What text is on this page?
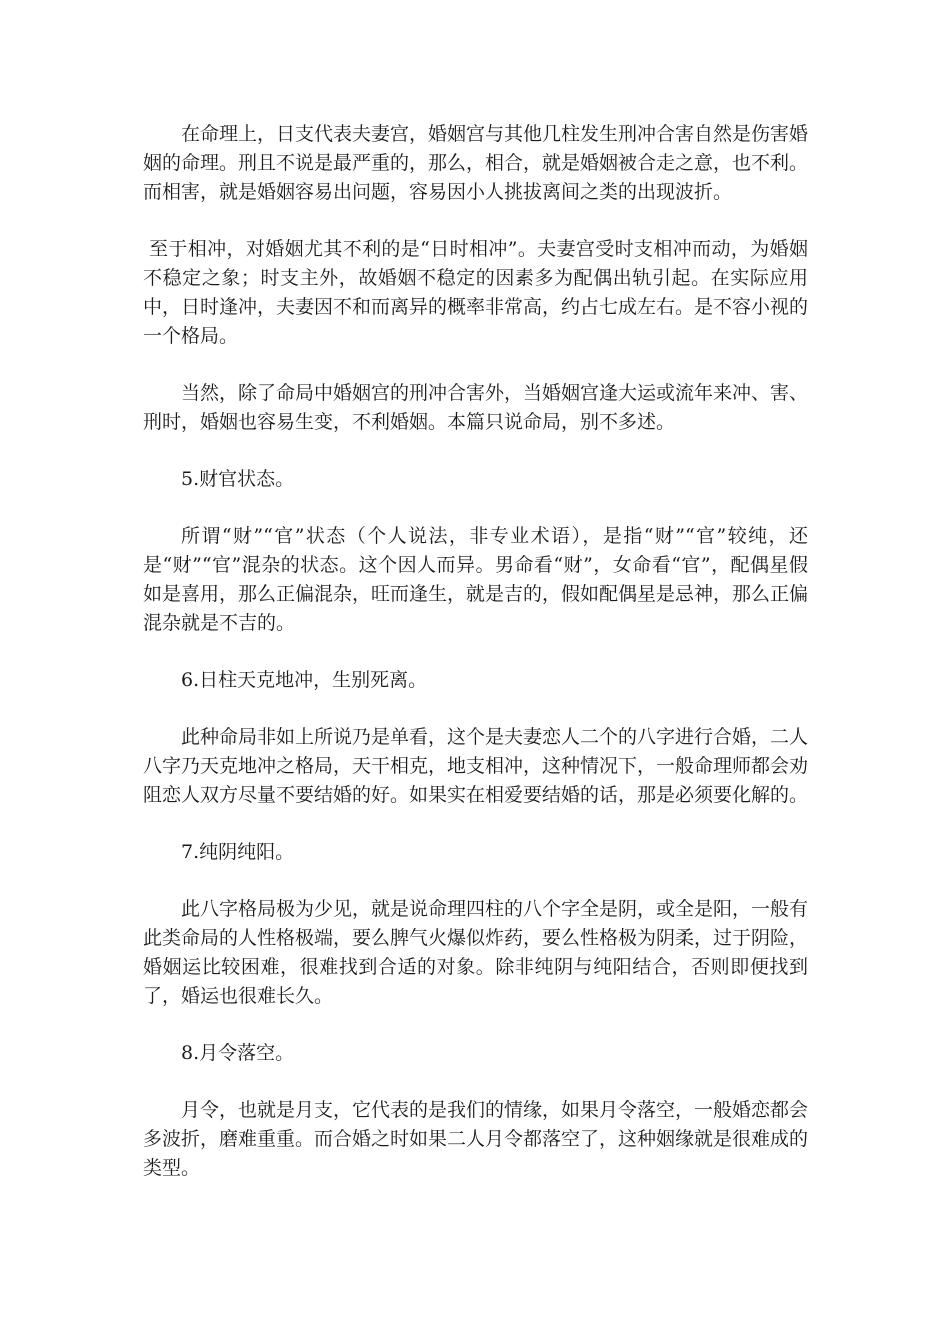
在命理上，日支代表夫妻宫，婚姻宫与其他几柱发生刑冲合害自然是伤害婚姻的命理。刑且不说是最严重的，那么，相合，就是婚姻被合走之意，也不利。而相害，就是婚姻容易出问题，容易因小人挑拔离间之类的出现波折。

至于相冲，对婚姻尤其不利的是“日时相冲”。夫妻宫受时支相冲而动，为婚姻不稳定之象；时支主外，故婚姻不稳定的因素多为配偶出轨引起。在实际应用中，日时逢冲，夫妻因不和而离异的概率非常高，约占七成左右。是不容小视的一个格局。

当然，除了命局中婚姻宫的刑冲合害外，当婚姻宫逢大运或流年来冲、害、刑时，婚姻也容易生变，不利婚姻。本篇只说命局，别不多述。

5.财官状态。

所谓“财”“官”状态（个人说法，非专业术语），是指“财”“官”较纯，还是“财”“官”混杂的状态。这个因人而异。男命看“财”，女命看“官”，配偶星假如是喜用，那么正偏混杂，旺而逢生，就是吉的，假如配偶星是忌神，那么正偏混杂就是不吉的。

6.日柱天克地冲，生别死离。

此种命局非如上所说乃是单看，这个是夫妻恋人二个的八字进行合婚，二人八字乃天克地冲之格局，天干相克，地支相冲，这种情况下，一般命理师都会劝阻恋人双方尽量不要结婚的好。如果实在相爱要结婚的话，那是必须要化解的。

7.纯阴纯阳。

此八字格局极为少见，就是说命理四柱的八个字全是阴，或全是阳，一般有此类命局的人性格极端，要么脾气火爆似炸药，要么性格极为阴柔，过于阴险，婚姻运比较困难，很难找到合适的对象。除非纯阴与纯阳结合，否则即便找到了，婚运也很难长久。

8.月令落空。

月令，也就是月支，它代表的是我们的情缘，如果月令落空，一般婚恋都会多波折，磨难重重。而合婚之时如果二人月令都落空了，这种姻缘就是很难成的类型。
